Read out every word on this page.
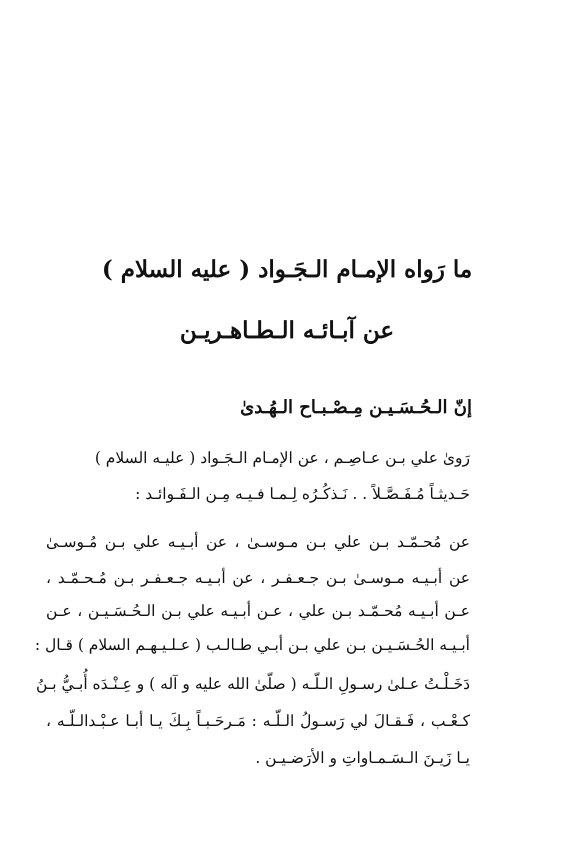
ما رَواه الإمـام الـجَـواد ( عليه السلام )
عن آبـائـه الـطـاهـريـن
إنّ الـحُـسَـيـن مِـصْـبـاح الـهُـدىٰ
رَوىٰ علي بـن عـاصِـم ، عن الإمـام الـجَـواد ( عليـه السلام )
حَـديثـاً مُـفَـصَّـلاً . . نَـذكُـرُه لِـمـا فـيـه مِـن الـفَـوائـد :
عن مُحـمّـد بـن علي بـن مـوسـىٰ ، عن أبـيـه علي بـن مُـوسـىٰ
عن أبـيـه مـوسـىٰ بـن جـعـفـر ، عن أبـيـه جـعـفـر بـن مُـحـمّـد ،
عـن أبـيـه مُحـمّـد بـن علي ، عـن أبـيـه علي بـن الـحُـسَـيـن ، عـن
أبـيـه الحُـسَـيـن بـن علي بـن أبـي طـالـب ( عـلـيـهـم السلام ) قـال :
دَخَـلْـتُ عـلىٰ رسـولِ الـلّـه ( صلّىٰ الله عليه و آله ) و عِـنْـدَه أُبـيُّ بـنُ
كـعْـب ، فَـقـالَ لي رَسـولُ الـلّـه : مَـرحَـبـاً بِـكَ يـا أبـا عـبْـدالـلّـه ،
يـا زَيـنَ الـسَـمـاواتِ و الأرَضـيـن .
